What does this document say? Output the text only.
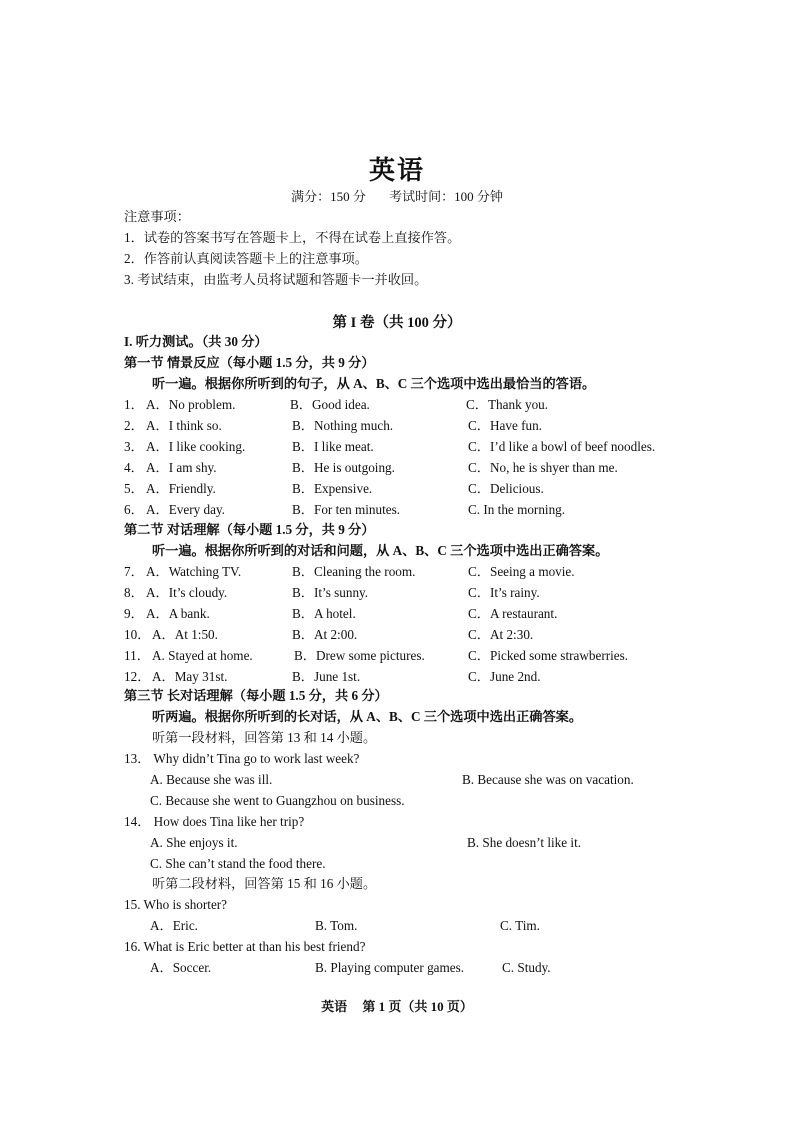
英语
满分：150 分 考试时间：100 分钟
注意事项：
1．试卷的答案书写在答题卡上，不得在试卷上直接作答。
2．作答前认真阅读答题卡上的注意事项。
3. 考试结束，由监考人员将试题和答题卡一并收回。
第 I 卷（共 100 分）
I. 听力测试。（共 30 分）
第一节 情景反应（每小题 1.5 分，共 9 分）
听一遍。根据你所听到的句子，从 A、B、C 三个选项中选出最恰当的答语。
1． A．No problem.	B．Good idea.	C．Thank you.
2． A．I think so.	B．Nothing much.	C．Have fun.
3． A．I like cooking.	B．I like meat.	C．I’d like a bowl of beef noodles.
4． A．I am shy.	B．He is outgoing.	C．No, he is shyer than me.
5． A．Friendly.	B．Expensive.	C．Delicious.
6． A．Every day.	B．For ten minutes.	C. In the morning.
第二节 对话理解（每小题 1.5 分，共 9 分）
听一遍。根据你所听到的对话和问题，从 A、B、C 三个选项中选出正确答案。
7． A．Watching TV.	B．Cleaning the room.	C．Seeing a movie.
8． A．It’s cloudy.	B．It’s sunny.	C．It’s rainy.
9． A．A bank.	B．A hotel.	C．A restaurant.
10． A．At 1:50.	B．At 2:00.	C．At 2:30.
11． A. Stayed at home.	B．Drew some pictures.	C．Picked some strawberries.
12． A．May 31st.	B．June 1st.	C．June 2nd.
第三节 长对话理解（每小题 1.5 分，共 6 分）
听两遍。根据你所听到的长对话，从 A、B、C 三个选项中选出正确答案。
听第一段材料，回答第 13 和 14 小题。
13． Why didn’t Tina go to work last week?
A. Because she was ill.	B. Because she was on vacation.
C. Because she went to Guangzhou on business.
14． How does Tina like her trip?
A. She enjoys it.	B. She doesn’t like it.
C. She can’t stand the food there.
听第二段材料，回答第 15 和 16 小题。
15. Who is shorter?
A．Eric.	B. Tom.	C. Tim.
16. What is Eric better at than his best friend?
A．Soccer.	B. Playing computer games.	C. Study.
英语 第 1 页（共 10 页）
